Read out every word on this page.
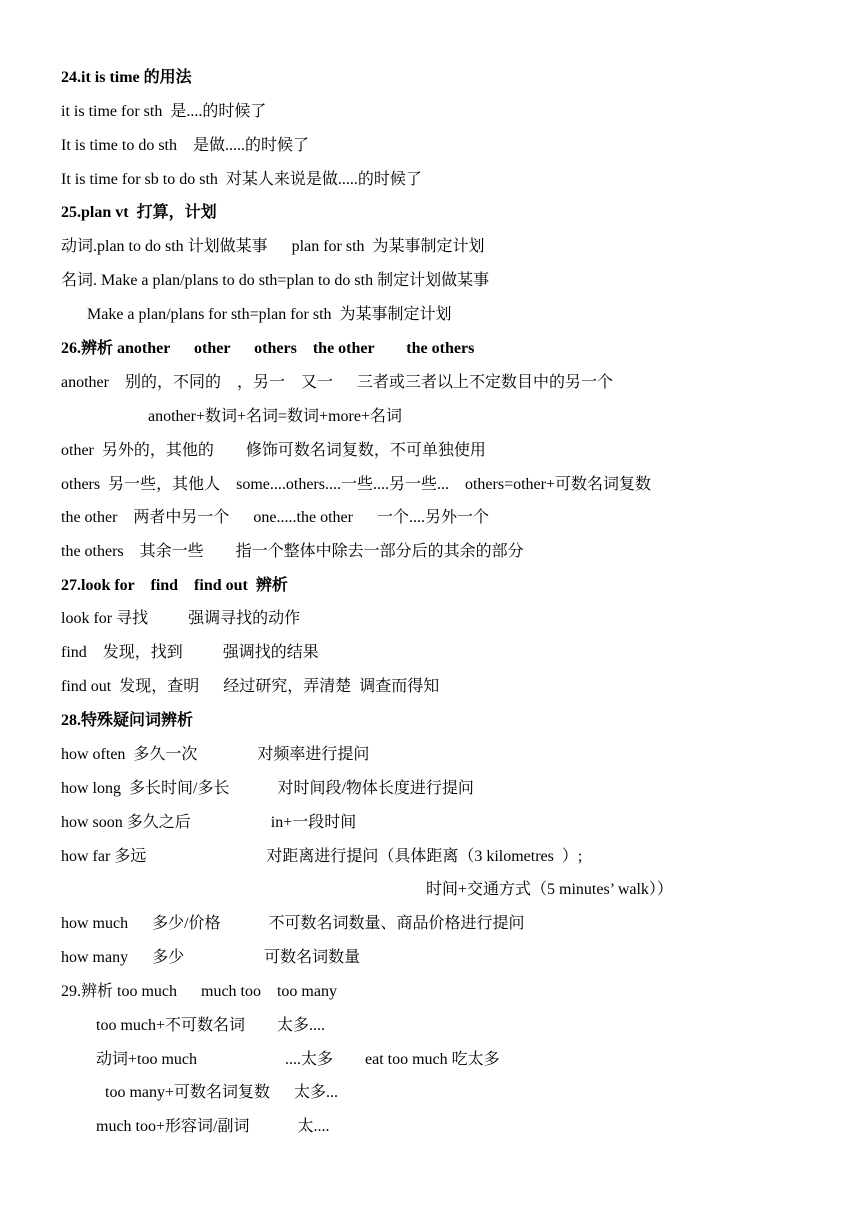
24.it is time 的用法
it is time for sth  是....的时候了
It is time to do sth    是做.....的时候了
It is time for sb to do sth  对某人来说是做.....的时候了
25.plan vt  打算，计划
动词.plan to do sth 计划做某事      plan for sth  为某事制定计划
名词. Make a plan/plans to do sth=plan to do sth 制定计划做某事
Make a plan/plans for sth=plan for sth  为某事制定计划
26.辨析 another      other      others    the other        the others
another    别的，不同的    ，另一    又一      三者或三者以上不定数目中的另一个
another+数词+名词=数词+more+名词
other  另外的，其他的        修饰可数名词复数，不可单独使用
others  另一些，其他人    some....others....一些....另一些...    others=other+可数名词复数
the other    两者中另一个      one.....the other      一个....另外一个
the others    其余一些        指一个整体中除去一部分后的其余的部分
27.look for    find    find out  辨析
look for 寻找          强调寻找的动作
find    发现，找到          强调找的结果
find out  发现，查明      经过研究，弄清楚  调查而得知
28.特殊疑问词辨析
how often  多久一次               对频率进行提问
how long  多长时间/多长            对时间段/物体长度进行提问
how soon 多久之后                    in+一段时间
how far 多远                              对距离进行提问（具体距离（3 kilometres  ）;
时间+交通方式（5 minutes’ walk））
how much      多少/价格            不可数名词数量、商品价格进行提问
how many      多少                    可数名词数量
29.辨析 too much      much too    too many
too much+不可数名词        太多....
动词+too much                      ....太多        eat too much 吃太多
too many+可数名词复数      太多...
much too+形容词/副词            太....
